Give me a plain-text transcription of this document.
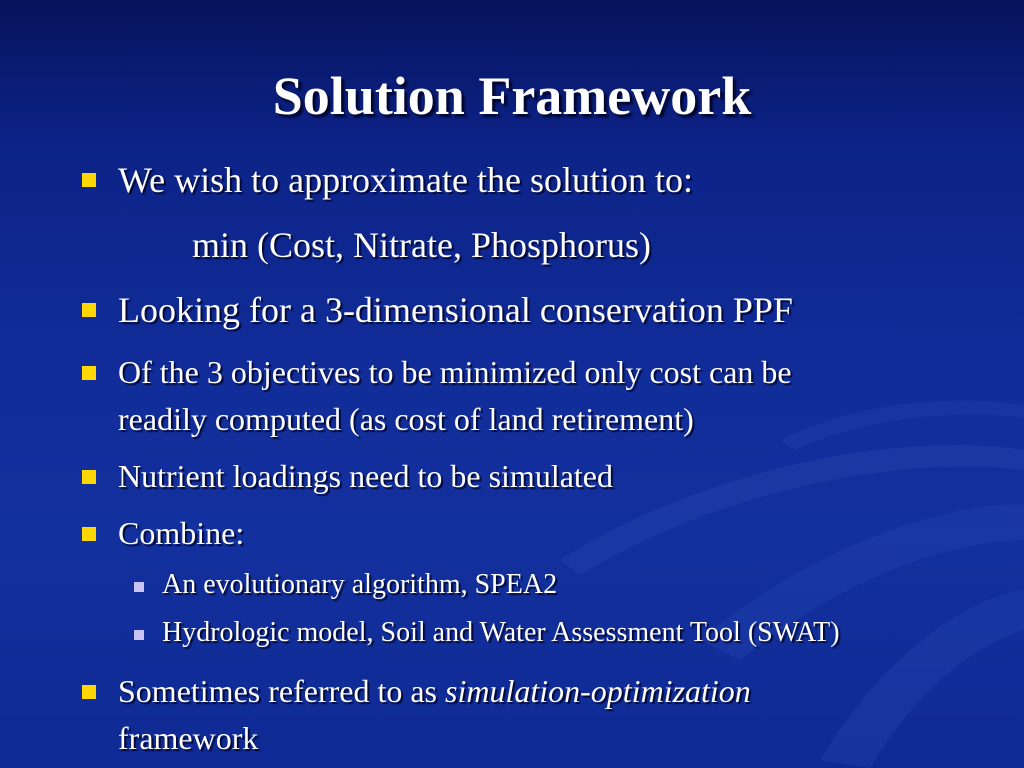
Solution Framework
We wish to approximate the solution to:
min (Cost, Nitrate, Phosphorus)
Looking for a 3-dimensional conservation PPF
Of the 3 objectives to be minimized only cost can be
readily computed (as cost of land retirement)
Nutrient loadings need to be simulated
Combine:
An evolutionary algorithm, SPEA2
Hydrologic model, Soil and Water Assessment Tool (SWAT)
Sometimes referred to as simulation-optimization
framework
